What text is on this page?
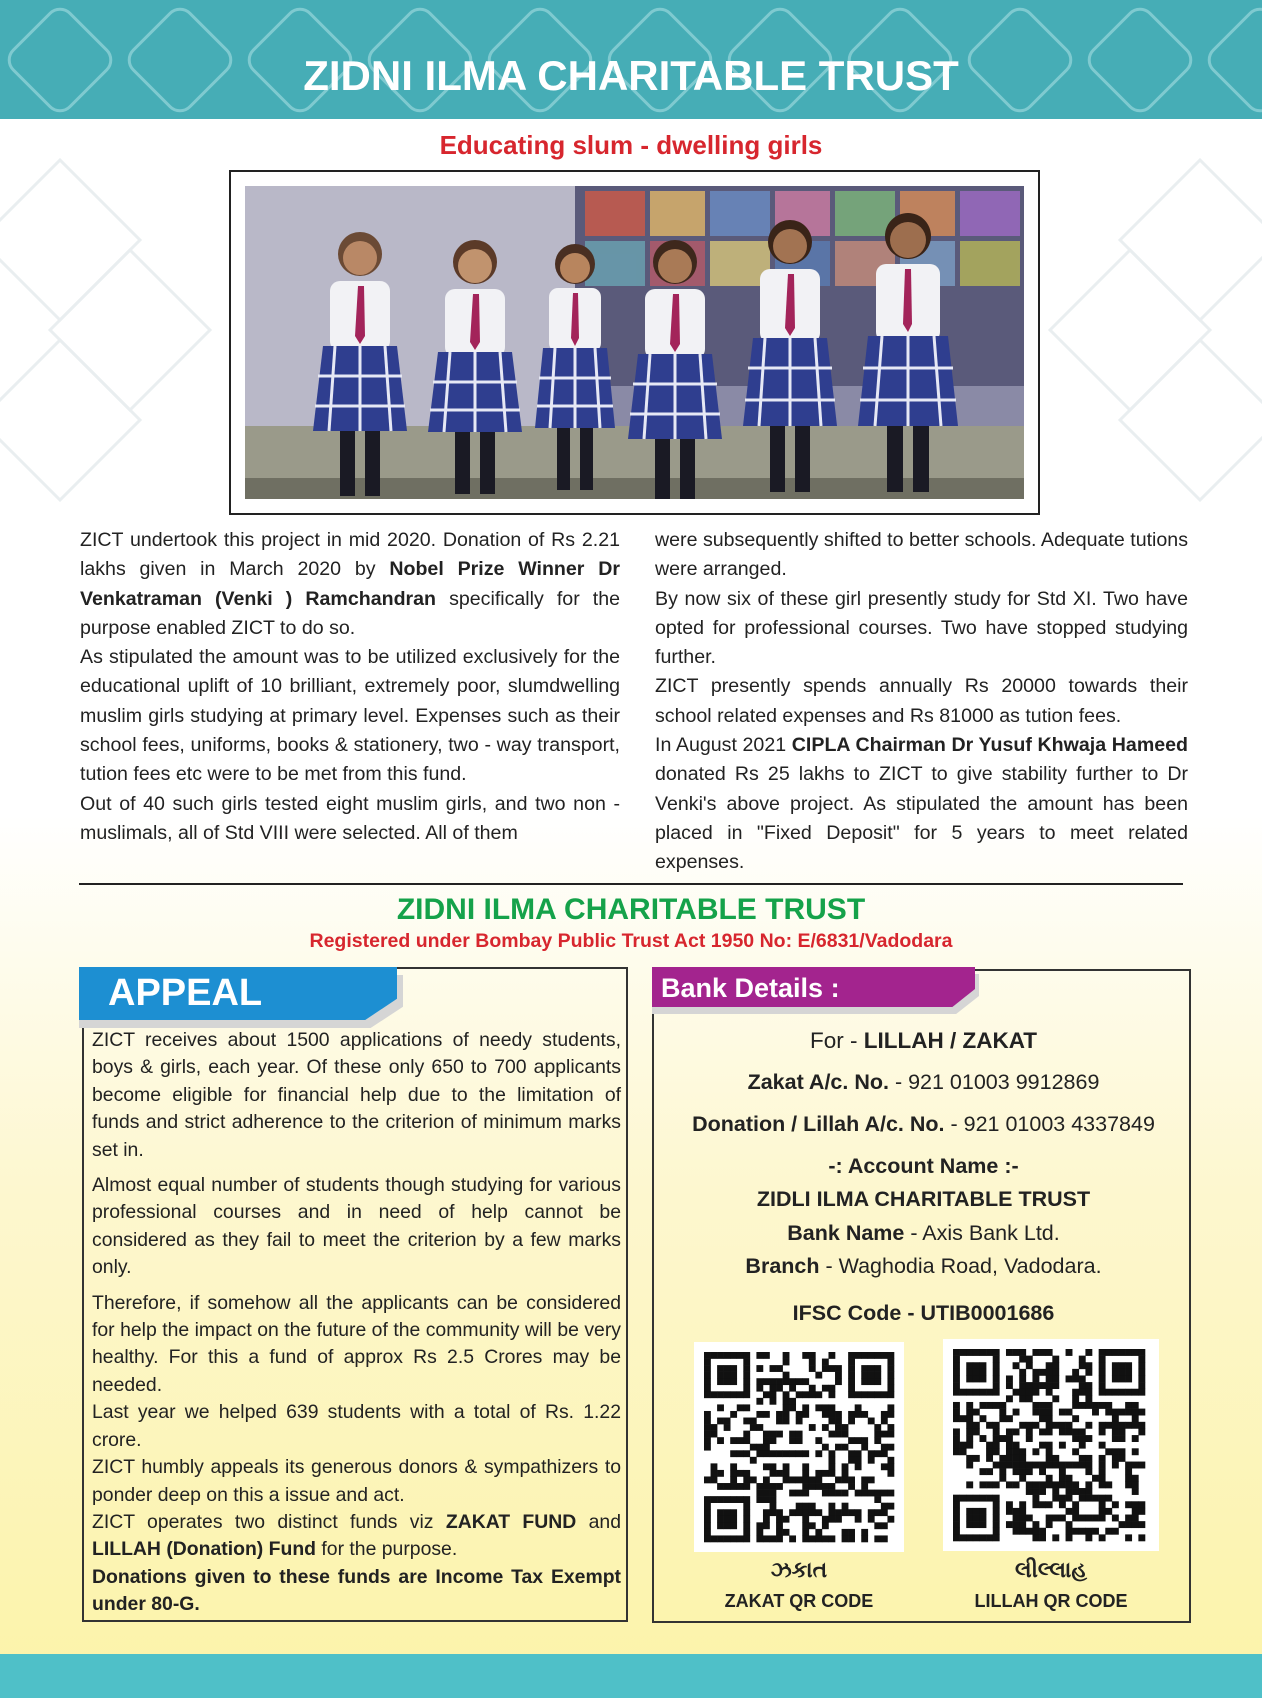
ZIDNI ILMA CHARITABLE TRUST
Educating slum - dwelling girls

ZICT undertook this project in mid 2020. Donation of Rs 2.21 lakhs given in March 2020 by Nobel Prize Winner Dr Venkatraman (Venki ) Ramchandran specifically for the purpose enabled ZICT to do so.

As stipulated the amount was to be utilized exclusively for the educational uplift of 10 brilliant, extremely poor, slumdwelling muslim girls studying at primary level. Expenses such as their school fees, uniforms, books & stationery, two - way transport, tution fees etc were to be met from this fund.

Out of 40 such girls tested eight muslim girls, and two non - muslimals, all of Std VIII were selected. All of them

were subsequently shifted to better schools. Adequate tutions were arranged.

By now six of these girl presently study for Std XI. Two have opted for professional courses. Two have stopped studying further.

ZICT presently spends annually Rs 20000 towards their school related expenses and Rs 81000 as tution fees.

In August 2021 CIPLA Chairman Dr Yusuf Khwaja Hameed donated Rs 25 lakhs to ZICT to give stability further to Dr Venki's above project. As stipulated the amount has been placed in "Fixed Deposit" for 5 years to meet related expenses.

ZIDNI ILMA CHARITABLE TRUST
Registered under Bombay Public Trust Act 1950 No: E/6831/Vadodara
APPEAL

ZICT receives about 1500 applications of needy students, boys & girls, each year. Of these only 650 to 700 applicants become eligible for financial help due to the limitation of funds and strict adherence to the criterion of minimum marks set in.

Almost equal number of students though studying for various professional courses and in need of help cannot be considered as they fail to meet the criterion by a few marks only.

Therefore, if somehow all the applicants can be considered for help the impact on the future of the community will be very healthy. For this a fund of approx Rs 2.5 Crores may be needed.

Last year we helped 639 students with a total of Rs. 1.22 crore.

ZICT humbly appeals its generous donors & sympathizers to ponder deep on this a issue and act.

ZICT operates two distinct funds viz ZAKAT FUND and LILLAH (Donation) Fund for the purpose.

Donations given to these funds are Income Tax Exempt under 80-G.

Bank Details :
For - LILLAH / ZAKAT
Zakat A/c. No. - 921 01003 9912869
Donation / Lillah A/c. No. - 921 01003 4337849
-: Account Name :-
ZIDLI ILMA CHARITABLE TRUST
Bank Name - Axis Bank Ltd.
Branch - Waghodia Road, Vadodara.
IFSC Code - UTIB0001686
ઝકાત
ZAKAT QR CODE
લીલ્લાહ
LILLAH QR CODE
